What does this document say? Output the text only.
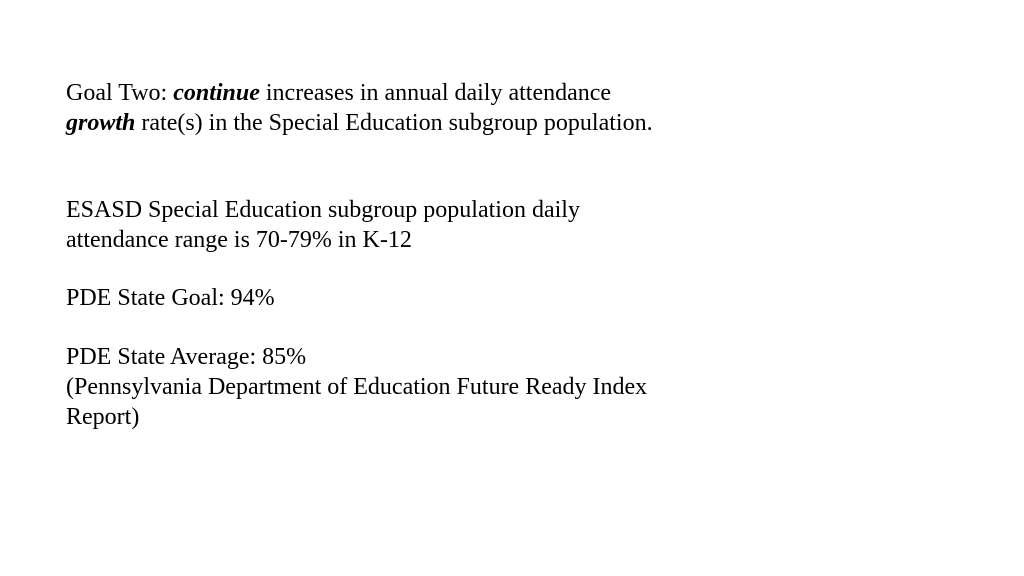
Goal Two: continue increases in annual daily attendance
growth rate(s) in the Special Education subgroup population.

ESASD Special Education subgroup population daily
attendance range is 70-79% in K-12

PDE State Goal: 94%

PDE State Average: 85%
(Pennsylvania Department of Education Future Ready Index
Report)
